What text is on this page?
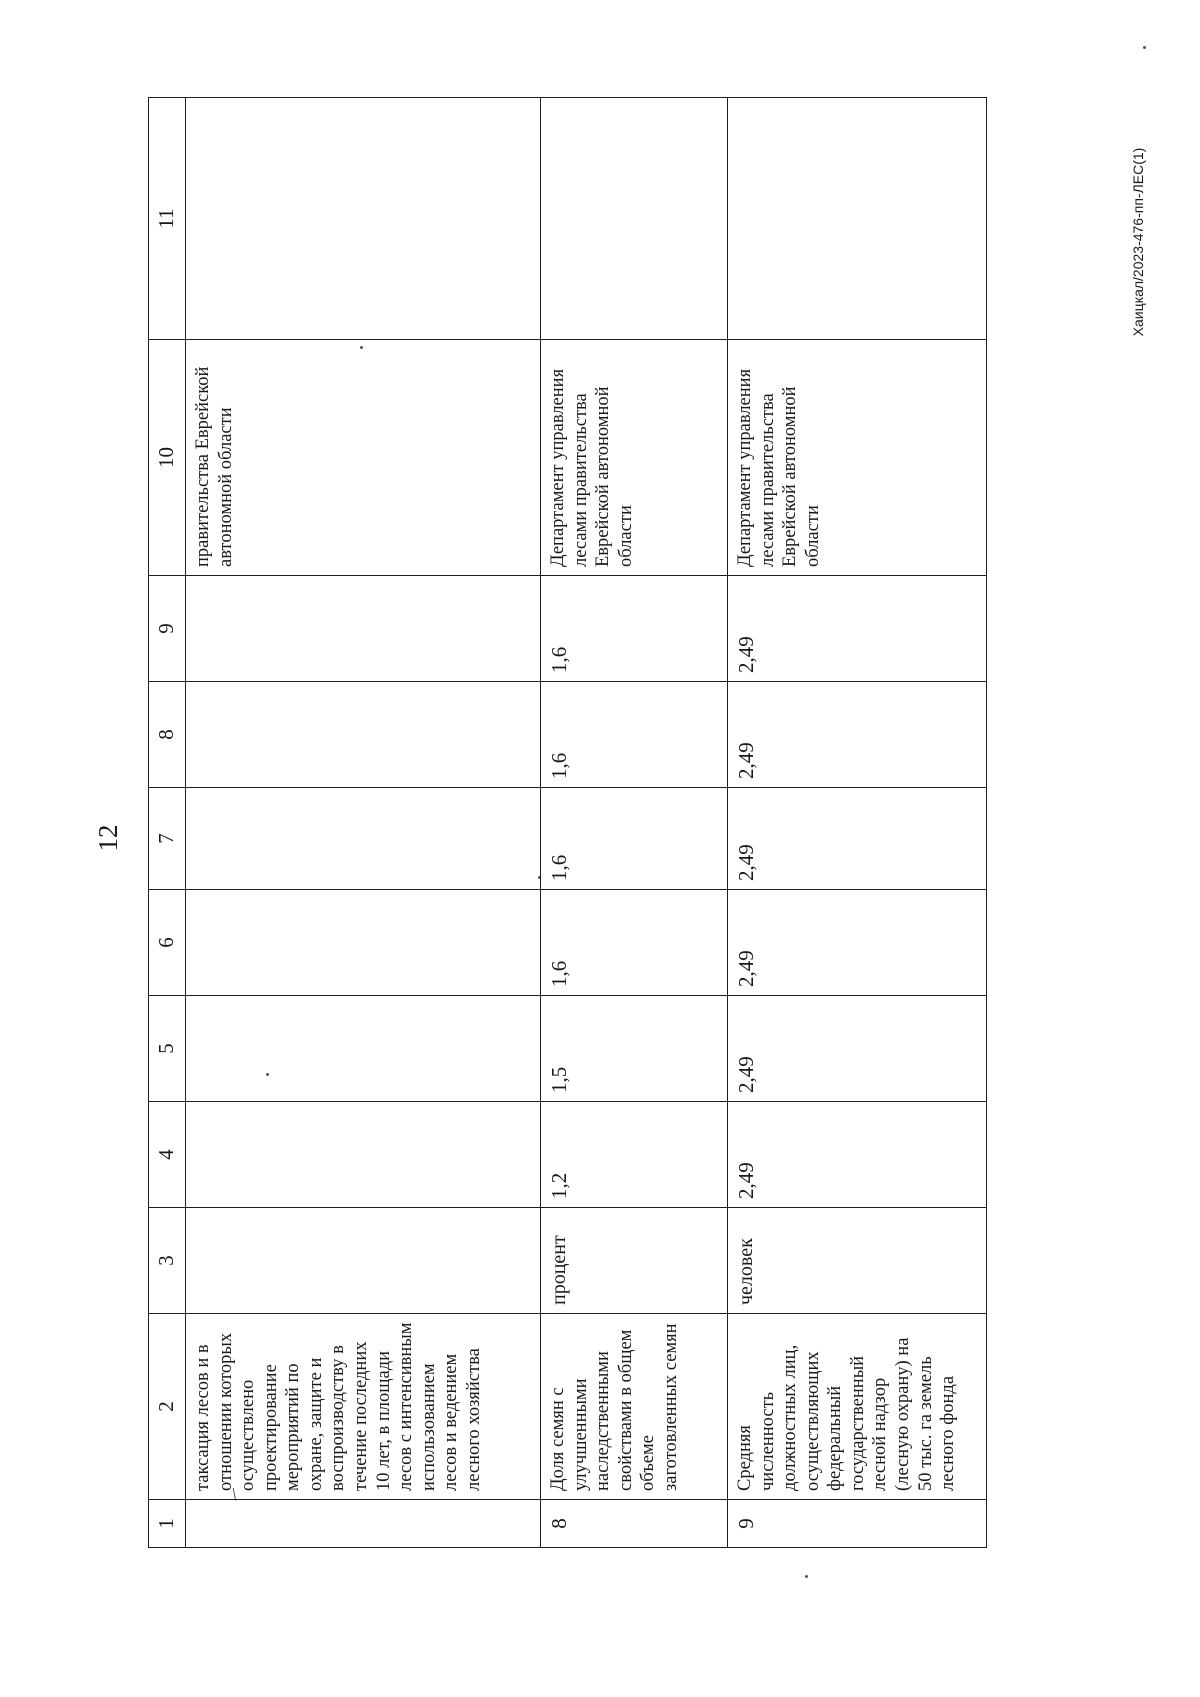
12
Хаицкал/2023-476-пп-ЛЕС(1)
/
1	2	3	4	5	6	7	8	9	10	11
	таксация лесов и в отношении которых осуществлено проектирование мероприятий по охране, защите и воспроизводству в течение последних 10 лет, в площади лесов с интенсивным использованием лесов и ведением лесного хозяйства								правительства Еврейской автономной области	
8	Доля семян с улучшенными наследственными свойствами в общем объеме заготовленных семян	процент	1,2	1,5	1,6	1,6	1,6	1,6	Департамент управления лесами правительства Еврейской автономной области	
9	Средняя численность должностных лиц, осуществляющих федеральный государственный лесной надзор (лесную охрану) на 50 тыс. га земель лесного фонда	человек	2,49	2,49	2,49	2,49	2,49	2,49	Департамент управления лесами правительства Еврейской автономной области	
